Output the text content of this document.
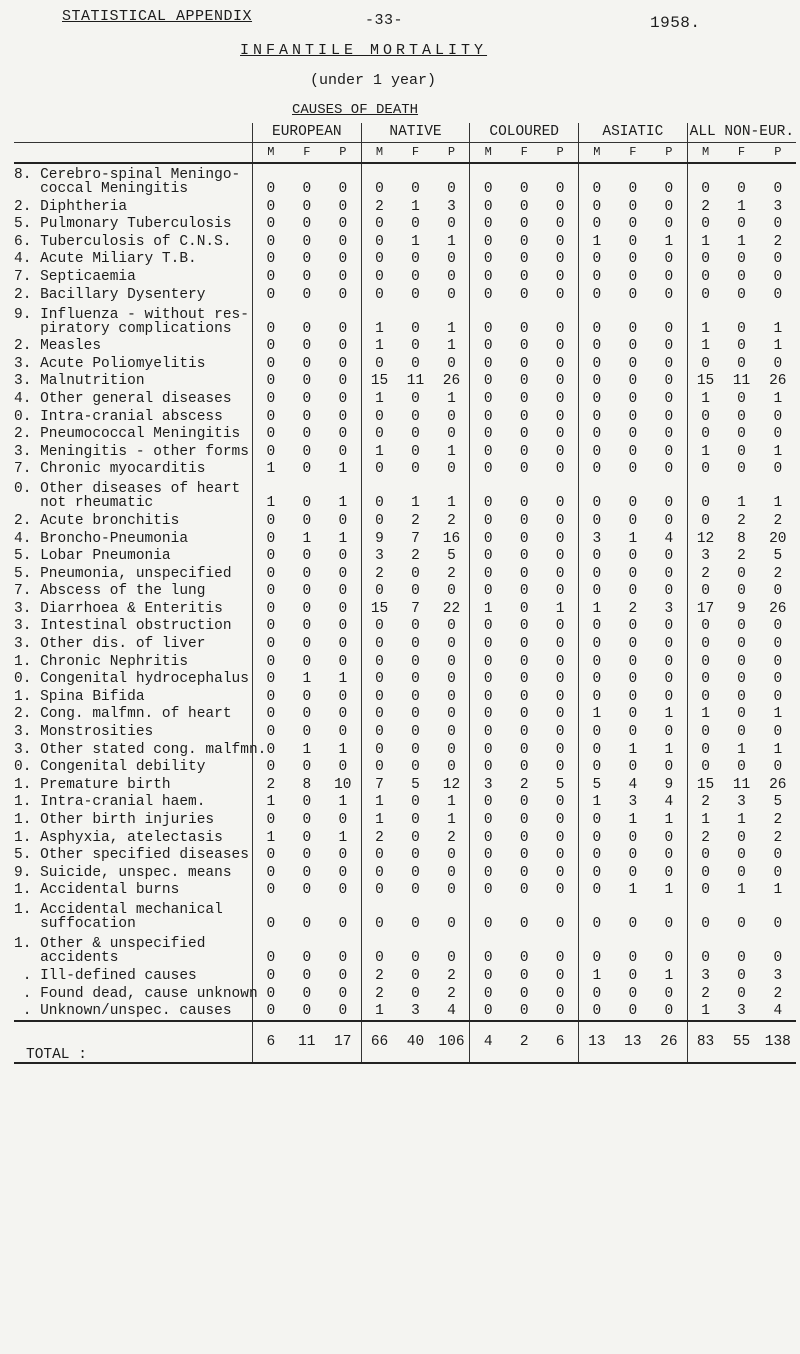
STATISTICAL APPENDIX	-33-	1958.
INFANTILE MORTALITY
(under 1 year)
CAUSES OF DEATH
	EUROPEAN			NATIVE			COLOURED			ASIATIC			ALL NON-EUR.		
	M	F	P	M	F	P	M	F	P	M	F	P	M	F	P
8. Cerebro-spinal Meningo-
coccal Meningitis	0	0	0	0	0	0	0	0	0	0	0	0	0	0	0
2. Diphtheria	0	0	0	2	1	3	0	0	0	0	0	0	2	1	3
5. Pulmonary Tuberculosis	0	0	0	0	0	0	0	0	0	0	0	0	0	0	0
6. Tuberculosis of C.N.S.	0	0	0	0	1	1	0	0	0	1	0	1	1	1	2
4. Acute Miliary T.B.	0	0	0	0	0	0	0	0	0	0	0	0	0	0	0
7. Septicaemia	0	0	0	0	0	0	0	0	0	0	0	0	0	0	0
2. Bacillary Dysentery	0	0	0	0	0	0	0	0	0	0	0	0	0	0	0
9. Influenza - without res-
piratory complications	0	0	0	1	0	1	0	0	0	0	0	0	1	0	1
2. Measles	0	0	0	1	0	1	0	0	0	0	0	0	1	0	1
3. Acute Poliomyelitis	0	0	0	0	0	0	0	0	0	0	0	0	0	0	0
3. Malnutrition	0	0	0	15	11	26	0	0	0	0	0	0	15	11	26
4. Other general diseases	0	0	0	1	0	1	0	0	0	0	0	0	1	0	1
0. Intra-cranial abscess	0	0	0	0	0	0	0	0	0	0	0	0	0	0	0
2. Pneumococcal Meningitis	0	0	0	0	0	0	0	0	0	0	0	0	0	0	0
3. Meningitis - other forms	0	0	0	1	0	1	0	0	0	0	0	0	1	0	1
7. Chronic myocarditis	1	0	1	0	0	0	0	0	0	0	0	0	0	0	0
0. Other diseases of heart
not rheumatic	1	0	1	0	1	1	0	0	0	0	0	0	0	1	1
2. Acute bronchitis	0	0	0	0	2	2	0	0	0	0	0	0	0	2	2
4. Broncho-Pneumonia	0	1	1	9	7	16	0	0	0	3	1	4	12	8	20
5. Lobar Pneumonia	0	0	0	3	2	5	0	0	0	0	0	0	3	2	5
5. Pneumonia, unspecified	0	0	0	2	0	2	0	0	0	0	0	0	2	0	2
7. Abscess of the lung	0	0	0	0	0	0	0	0	0	0	0	0	0	0	0
3. Diarrhoea & Enteritis	0	0	0	15	7	22	1	0	1	1	2	3	17	9	26
3. Intestinal obstruction	0	0	0	0	0	0	0	0	0	0	0	0	0	0	0
3. Other dis. of liver	0	0	0	0	0	0	0	0	0	0	0	0	0	0	0
1. Chronic Nephritis	0	0	0	0	0	0	0	0	0	0	0	0	0	0	0
0. Congenital hydrocephalus	0	1	1	0	0	0	0	0	0	0	0	0	0	0	0
1. Spina Bifida	0	0	0	0	0	0	0	0	0	0	0	0	0	0	0
2. Cong. malfmn. of heart	0	0	0	0	0	0	0	0	0	1	0	1	1	0	1
3. Monstrosities	0	0	0	0	0	0	0	0	0	0	0	0	0	0	0
3. Other stated cong. malfmn.	0	1	1	0	0	0	0	0	0	0	1	1	0	1	1
0. Congenital debility	0	0	0	0	0	0	0	0	0	0	0	0	0	0	0
1. Premature birth	2	8	10	7	5	12	3	2	5	5	4	9	15	11	26
1. Intra-cranial haem.	1	0	1	1	0	1	0	0	0	1	3	4	2	3	5
1. Other birth injuries	0	0	0	1	0	1	0	0	0	0	1	1	1	1	2
1. Asphyxia, atelectasis	1	0	1	2	0	2	0	0	0	0	0	0	2	0	2
5. Other specified diseases	0	0	0	0	0	0	0	0	0	0	0	0	0	0	0
9. Suicide, unspec. means	0	0	0	0	0	0	0	0	0	0	0	0	0	0	0
1. Accidental burns	0	0	0	0	0	0	0	0	0	0	1	1	0	1	1
1. Accidental mechanical
suffocation	0	0	0	0	0	0	0	0	0	0	0	0	0	0	0
1. Other & unspecified
accidents	0	0	0	0	0	0	0	0	0	0	0	0	0	0	0
. Ill-defined causes	0	0	0	2	0	2	0	0	0	1	0	1	3	0	3
. Found dead, cause unknown	0	0	0	2	0	2	0	0	0	0	0	0	2	0	2
. Unknown/unspec. causes	0	0	0	1	3	4	0	0	0	0	0	0	1	3	4
TOTAL :	6	11	17	66	40	106	4	2	6	13	13	26	83	55	138
